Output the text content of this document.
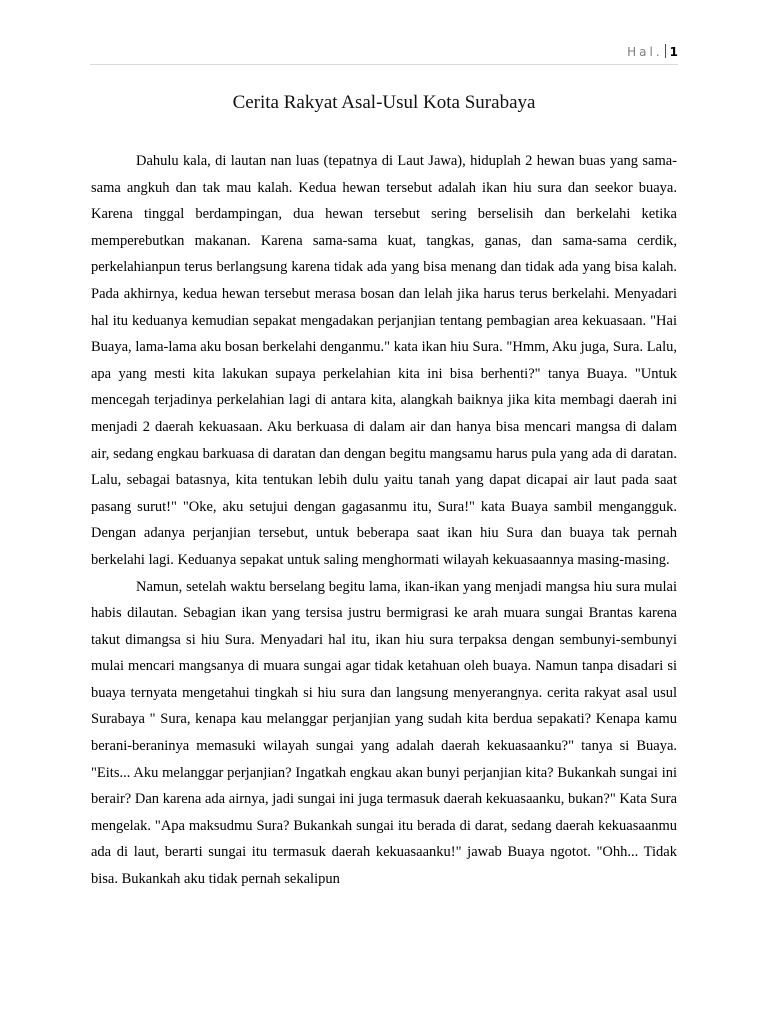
Hal. 1
Cerita Rakyat Asal-Usul Kota Surabaya

Dahulu kala, di lautan nan luas (tepatnya di Laut Jawa), hiduplah 2 hewan buas yang sama-sama angkuh dan tak mau kalah. Kedua hewan tersebut adalah ikan hiu sura dan seekor buaya. Karena tinggal berdampingan, dua hewan tersebut sering berselisih dan berkelahi ketika memperebutkan makanan. Karena sama-sama kuat, tangkas, ganas, dan sama-sama cerdik, perkelahianpun terus berlangsung karena tidak ada yang bisa menang dan tidak ada yang bisa kalah. Pada akhirnya, kedua hewan tersebut merasa bosan dan lelah jika harus terus berkelahi. Menyadari hal itu keduanya kemudian sepakat mengadakan perjanjian tentang pembagian area kekuasaan. "Hai Buaya, lama-lama aku bosan berkelahi denganmu." kata ikan hiu Sura. "Hmm, Aku juga, Sura. Lalu, apa yang mesti kita lakukan supaya perkelahian kita ini bisa berhenti?" tanya Buaya. "Untuk mencegah terjadinya perkelahian lagi di antara kita, alangkah baiknya jika kita membagi daerah ini menjadi 2 daerah kekuasaan. Aku berkuasa di dalam air dan hanya bisa mencari mangsa di dalam air, sedang engkau barkuasa di daratan dan dengan begitu mangsamu harus pula yang ada di daratan. Lalu, sebagai batasnya, kita tentukan lebih dulu yaitu tanah yang dapat dicapai air laut pada saat pasang surut!" "Oke, aku setujui dengan gagasanmu itu, Sura!" kata Buaya sambil mengangguk. Dengan adanya perjanjian tersebut, untuk beberapa saat ikan hiu Sura dan buaya tak pernah berkelahi lagi. Keduanya sepakat untuk saling menghormati wilayah kekuasaannya masing-masing.

Namun, setelah waktu berselang begitu lama, ikan-ikan yang menjadi mangsa hiu sura mulai habis dilautan. Sebagian ikan yang tersisa justru bermigrasi ke arah muara sungai Brantas karena takut dimangsa si hiu Sura. Menyadari hal itu, ikan hiu sura terpaksa dengan sembunyi-sembunyi mulai mencari mangsanya di muara sungai agar tidak ketahuan oleh buaya. Namun tanpa disadari si buaya ternyata mengetahui tingkah si hiu sura dan langsung menyerangnya. cerita rakyat asal usul Surabaya " Sura, kenapa kau melanggar perjanjian yang sudah kita berdua sepakati? Kenapa kamu berani-beraninya memasuki wilayah sungai yang adalah daerah kekuasaanku?" tanya si Buaya. "Eits... Aku melanggar perjanjian? Ingatkah engkau akan bunyi perjanjian kita? Bukankah sungai ini berair? Dan karena ada airnya, jadi sungai ini juga termasuk daerah kekuasaanku, bukan?" Kata Sura mengelak. "Apa maksudmu Sura? Bukankah sungai itu berada di darat, sedang daerah kekuasaanmu ada di laut, berarti sungai itu termasuk daerah kekuasaanku!" jawab Buaya ngotot. "Ohh... Tidak bisa. Bukankah aku tidak pernah sekalipun
